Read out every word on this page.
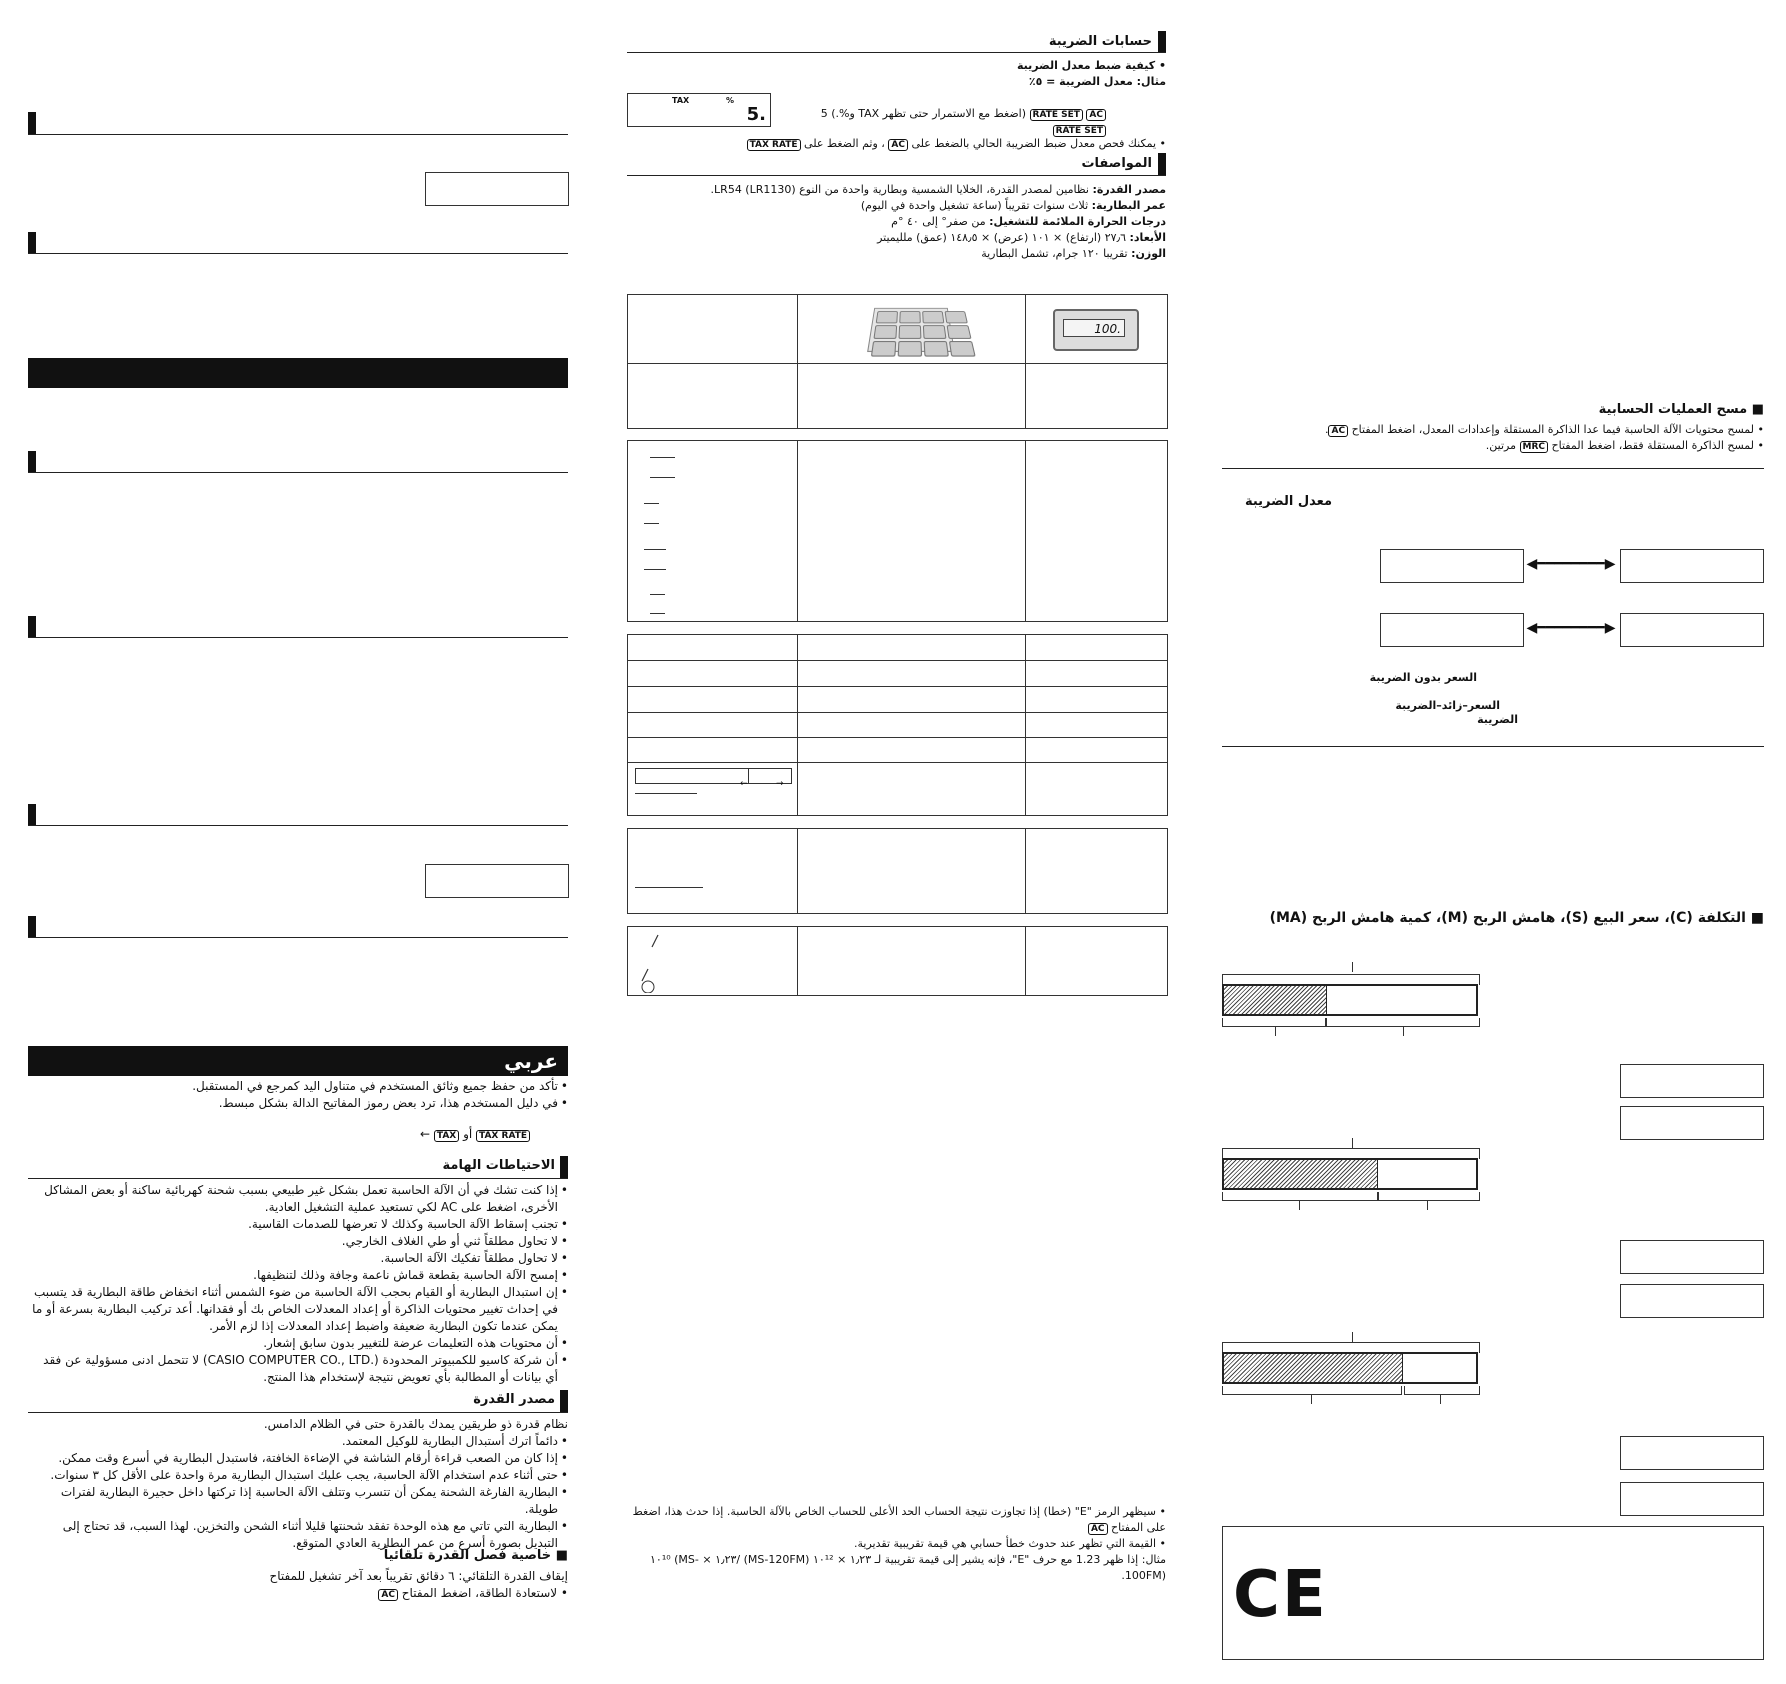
عربي
• تأكد من حفظ جميع وثائق المستخدم في متناول اليد كمرجع في المستقبل.
• في دليل المستخدم هذا، ترد بعض رموز المفاتيح الدالة بشكل مبسط.
TAX RATE أو TAX ←
الاحتياطات الهامة
• إذا كنت تشك في أن الآلة الحاسبة تعمل بشكل غير طبيعي بسبب شحنة كهربائية ساكنة أو بعض المشاكل الأخرى، اضغط على AC لكي تستعيد عملية التشغيل العادية.
• تجنب إسقاط الآلة الحاسبة وكذلك لا تعرضها للصدمات القاسية.
• لا تحاول مطلقاً ثني أو طي الغلاف الخارجي.
• لا تحاول مطلقاً تفكيك الآلة الحاسبة.
• إمسح الآلة الحاسبة بقطعة قماش ناعمة وجافة وذلك لتنظيفها.
• إن استبدال البطارية أو القيام بحجب الآلة الحاسبة من ضوء الشمس أثناء انخفاض طاقة البطارية قد يتسبب في إحداث تغيير محتويات الذاكرة أو إعداد المعدلات الخاص بك أو فقدانها. أعد تركيب البطارية بسرعة أو ما يمكن عندما تكون البطارية ضعيفة واضبط إعداد المعدلات إذا لزم الأمر.
• أن محتويات هذه التعليمات عرضة للتغيير بدون سابق إشعار.
• أن شركة كاسيو للكمبيوتر المحدودة (.CASIO COMPUTER CO., LTD) لا تتحمل ادنى مسؤولية عن فقد أي بيانات أو المطالبة بأي تعويض نتيجة لإستخدام هذا المنتج.
مصدر القدرة
نظام قدرة ذو طريقين يمدك بالقدرة حتى في الظلام الدامس.
• دائماً اترك أستبدال البطارية للوكيل المعتمد.
• إذا كان من الصعب قراءة أرقام الشاشة في الإضاءة الخافتة، فاستبدل البطارية في أسرع وقت ممكن.
• حتى أثناء عدم استخدام الآلة الحاسبة، يجب عليك استبدال البطارية مرة واحدة على الأقل كل ٣ سنوات.
• البطارية الفارغة الشحنة يمكن أن تتسرب وتتلف الآلة الحاسبة إذا تركتها داخل حجيرة البطارية لفترات طويلة.
• البطارية التي تاتي مع هذه الوحدة تفقد شحنتها قليلا أثناء الشحن والتخزين. لهذا السبب، قد تحتاج إلى التبديل بصورة أسرع من عمر البطارية العادي المتوقع.
■ خاصية فصل القدرة تلقائياً
إيقاف القدرة التلقائي: ٦ دقائق تقريباً بعد آخر تشغيل للمفتاح
• لاستعادة الطاقة، اضغط المفتاح AC
حسابات الضريبة
• كيفية ضبط معدل الضريبة
مثال: معدل الضريبة = ٥٪
TAX	%
5.	AC RATE SET (اضغط مع الاستمرار حتى تظهر TAX و%.) 5 RATE SET
• يمكنك فحص معدل ضبط الضريبة الحالي بالضغط على AC ، وثم الضغط على TAX RATE
المواصفات
مصدر القدرة: نظامين لمصدر القدرة، الخلايا الشمسية وبطارية واحدة من النوع LR54 (LR1130).
عمر البطارية: ثلاث سنوات تقريباً (ساعة تشغيل واحدة في اليوم)
درجات الحرارة الملائمة للتشغيل: من صفر° إلى ٤٠ °م
الأبعاد: ٢٧٫٦ (ارتفاع) × ١٠١ (عرض) × ١٤٨٫٥ (عمق) ملليميتر
الوزن: تقريبا ١٢٠ جرام، تشمل البطارية
100.
←	→
• سيظهر الرمز "E" (خطا) إذا تجاوزت نتيجة الحساب الحد الأعلى للحساب الخاص بالآلة الحاسبة. إذا حدث هذا، اضغط على المفتاح AC
• القيمة التي تظهر عند حدوث خطأ حسابي هي قيمة تقريبية تقديرية.
مثال: إذا ظهر 1.23 مع حرف "E"، فإنه يشير إلى قيمة تقريبية لـ ١٫٢٣ × ١٠¹² (MS-120FM) /١٫٢٣ × ١٠¹⁰ (MS-100FM).
■ مسح العمليات الحسابية
• لمسح محتويات الآلة الحاسبة فيما عدا الذاكرة المستقلة وإعدادات المعدل، اضغط المفتاح AC.
• لمسح الذاكرة المستقلة فقط، اضغط المفتاح MRC مرتين.
معدل الضريبة
◀━━━━━━━━▶
◀━━━━━━━━▶
السعر بدون الضريبة
السعر–زائد–الضريبة
الضريبة
■ التكلفة (C)، سعر البيع (S)، هامش الربح (M)، كمية هامش الربح (MA)
CE
